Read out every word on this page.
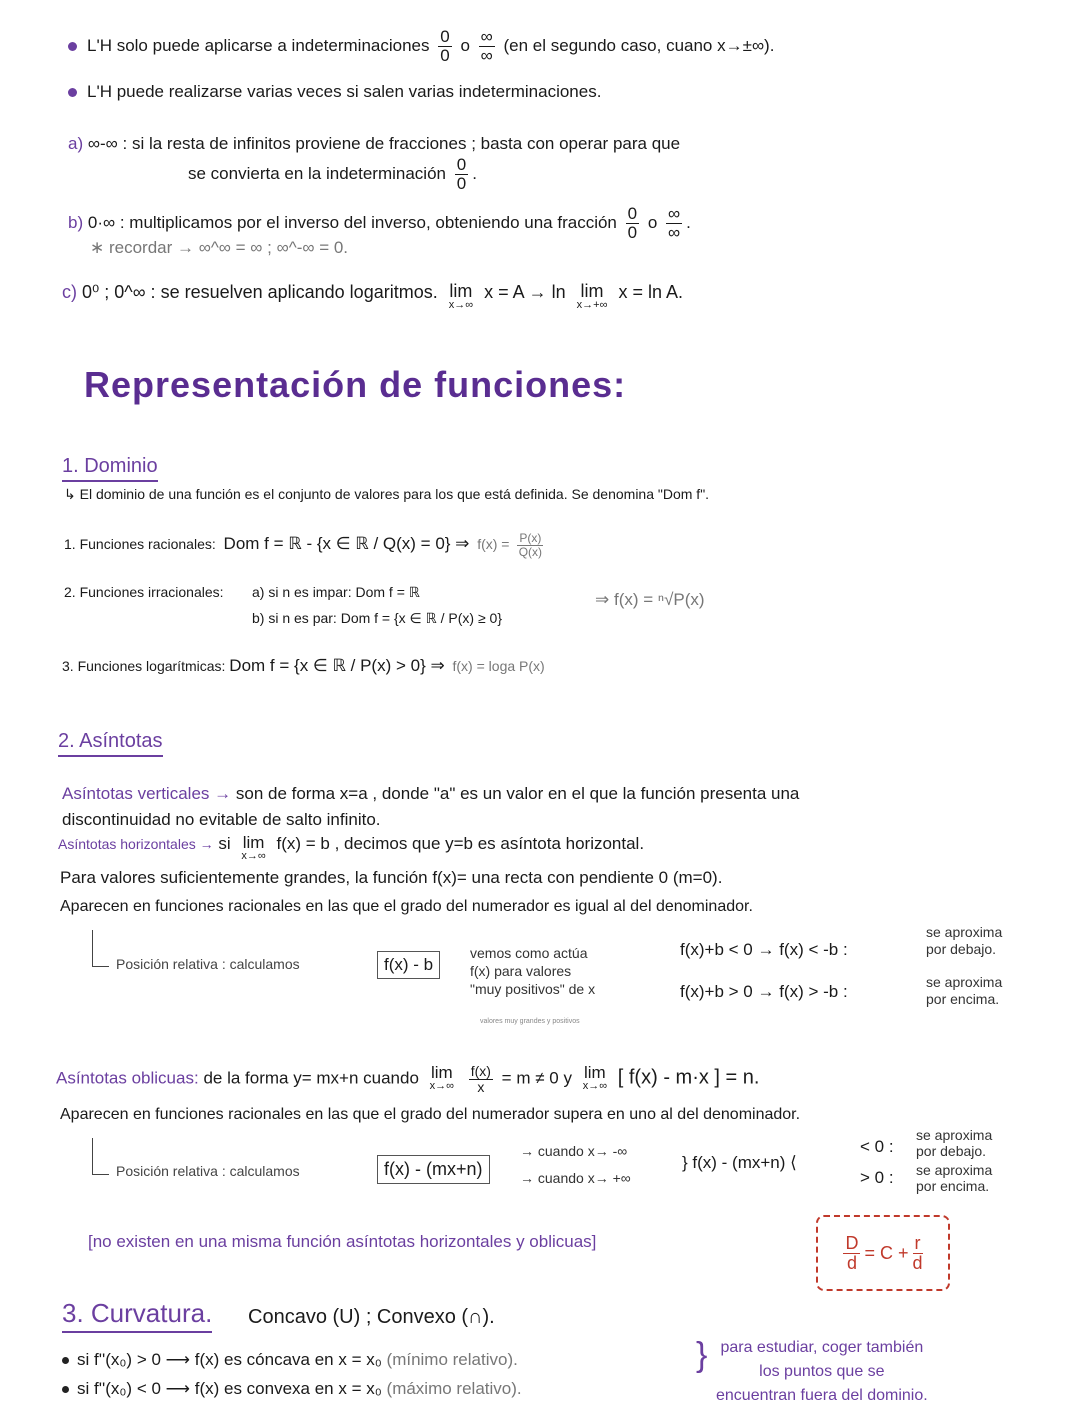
L'H solo puede aplicarse a indeterminaciones $\frac{0}{0}$ o ∞
∞
(en el segundo caso, cuano x→±∞).
L'H puede realizarse varias veces si salen varias indeterminaciones.
a) ∞-∞ : si la resta de infinitos proviene de fracciones ; basta con operar para que
se convierta en la indeterminación $\frac{0}{0}$ .
b) 0·∞ : multiplicamos por el inverso del inverso, obteniendo una fracción $\frac{0}{0}$ o ∞
∞
.
∗ recordar → ∞^∞ = ∞ ; ∞^-∞ = 0.
c) 0⁰ ; 0^∞ : se resuelven aplicando logaritmos. lim
x→∞
x = A → ln lim
x→+∞
x = ln A.
Representación de funciones:
1. Dominio
↳ El dominio de una función es el conjunto de valores para los que está definida. Se denomina "Dom f".
1. Funciones racionales: Dom f = ℝ - {x ∈ ℝ / Q(x) = 0} ⇒ $f(x) = \frac{P(x)}{Q(x)}$
2. Funciones irracionales: a) si n es impar: Dom f = ℝ
b) si n es par: Dom f = {x ∈ ℝ / P(x) ≥ 0}
⇒ f(x) = ⁿ√P(x)
3. Funciones logarítmicas: Dom f = {x ∈ ℝ / P(x) > 0} ⇒ f(x) = loga P(x)
2. Asíntotas
Asíntotas verticales → son de forma x=a , donde "a" es un valor en el que la función presenta una
discontinuidad no evitable de salto infinito.
Asíntotas horizontales → si lim
x→∞
f(x) = b , decimos que y=b es asíntota horizontal.
Para valores suficientemente grandes, la función f(x)= una recta con pendiente 0 (m=0).
Aparecen en funciones racionales en las que el grado del numerador es igual al del denominador.
Posición relativa : calculamos	f(x) - b
vemos como actúa
f(x) para valores
"muy positivos" de x
valores muy grandes y positivos
f(x)+b < 0 → f(x) < -b :
se aproxima
por debajo.
f(x)+b > 0 → f(x) > -b :	se aproxima
por encima.
Asíntotas oblicuas: de la forma y= mx+n cuando lim
x→∞
$\frac{f(x)}{x} = m \ne 0$ y lim
x→∞ [ f(x) - m·x ] = n.
Aparecen en funciones racionales en las que el grado del numerador supera en uno al del denominador.
Posición relativa : calculamos	f(x) - (mx+n)
→ cuando x→ -∞
→ cuando x→ +∞
} f(x) - (mx+n) ⟨
< 0 :
se aproxima
por debajo.
> 0 : se aproxima
por encima.
[no existen en una misma función asíntotas horizontales y oblicuas]	$\frac{D}{d} = C + \frac{r}{d}$
3. Curvatura. Concavo (U) ; Convexo (∩).
si f''(x₀) > 0 ⟶ f(x) es cóncava en x = x₀ (mínimo relativo).
si f''(x₀) < 0 ⟶ f(x) es convexa en x = x₀ (máximo relativo).
} para estudiar, coger también
los puntos que se
encuentran fuera del dominio.
